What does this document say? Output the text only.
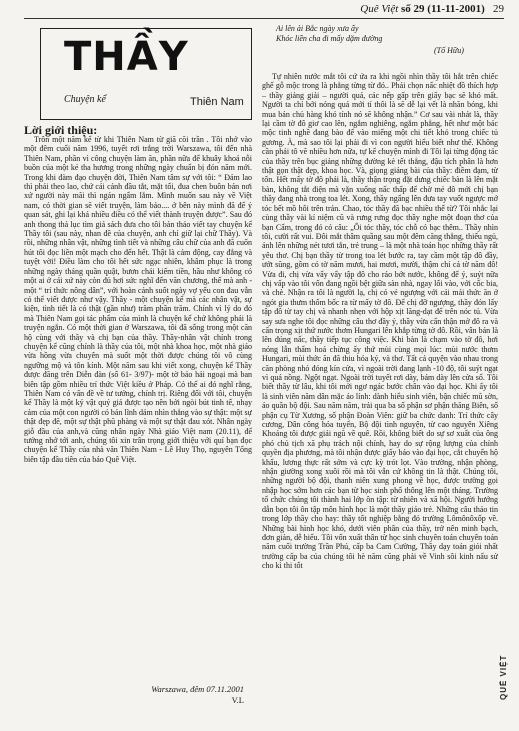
Quê Việt số 29 (11-11-2001) 29
THẦY
Chuyện kể	Thiên Nam
Lời giới thiệu:

Trôn một năm kể từ khi Thiên Nam từ giã cõi trần . Tôi nhớ vào một đêm cuối năm 1996, tuyết rơi trắng trời Warszawa, tôi đến nhà Thiên Nam, phần vì công chuyện làm ăn, phần nữa để khuây khoả nỗi buồn của một kẻ tha hương trong những ngày chuẩn bị đón năm mới. Trong khi đàm đạo chuyện đời, Thiên Nam tâm sự với tôi: “ Đám lao thì phải theo lao, chứ cái cảnh đầu tắt, mặt tối, đua chen buôn bán nơi xứ người này mãi thì ngán ngẩm lắm. Mình muốn sau này về Việt nam, có thời gian sẽ viết truyện, làm báo.... ở bên này mình đã để ý quan sát, ghi lại khá nhiều điều có thể viết thành truyện được”. Sau đó anh thong thả lục tìm giá sách đưa cho tôi bản thảo viết tay chuyện kể Thầy tôi (sau này, nhan đề của chuyện, anh chỉ giữ lại chữ Thầy). Và rồi, những nhân vật, những tình tiết và những câu chữ của anh đã cuốn hút tôi đọc liền một mạch cho đến hết. Thật là cảm động, cay đắng và tuyệt vời! Điều làm cho tôi hết sức ngạc nhiên, khâm phục là trong những ngày tháng quần quật, bươn chải kiếm tiền, hầu như không có một ai ở cái xứ này còn đủ hơi sức nghĩ đến văn chương, thế mà anh - một “ trí thức nông dân”, với hoàn cảnh suốt ngày vợ yếu con đau vẫn có thể viết được như vậy. Thầy - một chuyện kể mà các nhân vật, sự kiện, tình tiết là có thật (gần như) trăm phần trăm. Chính vì lý do đó mà Thiên Nam gọi tác phẩm của mình là chuyện kể chứ không phải là truyện ngắn. Có một thời gian ở Warszawa, tôi đã sống trong một căn hộ cùng với thầy và chị bạn của thầy. Thầy-nhân vật chính trong chuyện kể cũng chính là thầy của tôi, một nhà khoa học, một nhà giáo vừa hồng vừa chuyên mà suốt một thời được chúng tôi vô cùng ngưỡng mộ và tôn kính. Một năm sau khi viết xong, chuyện kể Thầy được đăng trên Diễn đàn (số 61- 3/97)- một tờ báo hải ngoại mà ban biên tập gồm nhiều trí thức Việt kiều ở Pháp. Có thể ai đó nghĩ rằng, Thiên Nam có vấn đề về tư tưởng, chính trị. Riêng đối với tôi, chuyện kể Thầy là một ký vật quý giá được tạo nên bởi ngòi bút tinh tế, nhạy cảm của một con người có bản lĩnh dám nhìn thẳng vào sự thật: một sự thật đẹp đẽ, một sự thật phũ phàng và một sự thật đau xót. Nhân ngày giỗ đầu của anh,và cũng nhân ngày Nhà giáo Việt nam (20.11), để tưởng nhớ tới anh, chúng tôi xin trân trọng giới thiệu với quí bạn đọc chuyện kể Thầy của nhà văn Thiên Nam - Lê Huy Thọ, nguyên Tổng biên tập đầu tiên của báo Quê Việt.

Warszawa, đêm 07.11.2001
V.L
Ai lên ải Bắc ngày xưa ấy
Khóc liền cha đi mấy dặm đường
(Tố Hữu)

Tự nhiên nước mắt tôi cứ ứa ra khi ngồi nhìn thầy tôi hắt trên chiếc ghế gỗ mộc trong là phẳng từng từ đó.. Phải chọn nấc nhiệt đồ thích hợp – thầy giảng giải – người quá, các nếp gấp trên giấy bạc sẽ khó mất. Người ta chỉ bởi nóng quá mới tí thôi là sẽ dễ lại vết là nhăn bóng, khi mua bán chủ hàng khó tính nó sẽ không nhận.” Cơ sau vài nhát là, thầy lại cầm tờ đô giơ cao lên, ngắm nghiêng, ngắm phẳng, hết như một bác mộc tinh nghề đang bào để vào miếng một chi tiết khó trong chiếc tủ gương. À, mà sao tôi lại phải đi vì con người hiểu biết như thế. Không cần phải tô vẽ nhiều hơn nữa, tự kể chuyện mình đi Tôi lại từng động tác của thầy trên bục giảng những đường kẻ tết thẳng, đậu tích phân là hơn thật gọn thật đẹp, khoa học. Và, giọng giảng bài của thầy: điềm đạm, từ tốn. Hết mấy tờ đô phải là, thầy thận trọng đặt dưng chiếc bàn là lên mặt bàn, không tắt điện mà vặn xuống nấc thấp để chờ mẻ đô mới chị bạn thầy đang nhà trong toa lét. Xong, thầy ngẩng lên đưa tay vuốt ngược mớ tóc bết mồ hôi trên trán. Chao, tóc thầy đã bạc nhiều thế từ? Tôi nhắc lại cùng thầy vài kỉ niệm cũ và rưng rưng đọc thầy nghe một đoạn thơ của bạn Cẩm, trong đó có câu: „Ôi tóc thầy, tóc chỗ có bạc thêm.. Thầy nhìn tôi, cười rất vui. Đôi mắt thâm quầng sau một đêm căng thẳng, thiếu ngủ, ánh lên những nét tươi tắn, trẻ trung – là một nhà toán học những thầy rất yêu thơ. Chị bạn thầy từ trong toa lét bước ra, tay cầm một tập đô đầy, ướt sũng, gồm có tờ năm mươi, hai mươi, mười, thậm chí cả tờ năm đô! Vừa đi, chị vừa vẩy vẩy tập đô cho ráo bớt nước, không để ý, suýt nữa chị vấp vào tôi vốn đang ngồi bệt giữa sàn nhà, ngay lối vào, với cốc bia, và chè. Nhận ra tôi là người lạ, chị có vẻ ngượng với cái mải thức ăn ở ngót gia thưm thốm bốc ra từ mấy tờ đô. Để chị đỡ ngượng, thầy đón lấy tập đô từ tay chị và nhanh nhẹn với hộp xịt lăng-dạt để trên nóc tủ. Vừa say sưa nghe tôi đọc những câu thơ đầy ý, thầy vừa cẩn thận mở đô ra và cẩn trọng xịt thứ nước thơm Hungari lên khắp từng tờ đô. Rồi, vân bản là lên đúng nấc, thầy tiếp tục công việc. Khi bàn là chạm vào tờ đô, hơi nóng lẫn thẩm hoá chừng ấy thứ mùi cùng mọi lúc: mùi nước thơm Hungari, mùi thức ăn đã thiu hóa ký, và thơ. Tất cả quyện vào nhau trong căn phòng nhỏ đóng kín cửa, vì ngoài trời đang lạnh -10 độ, tôi suýt ngạt vì quá nồng. Ngột ngạt. Ngoài trời tuyết rơi dày, bám dày lên cửa sổ. Tôi biết thầy từ lâu, khi tôi mới ngơ ngác bước chân vào đại học. Khi ấy tôi là sinh viên năm dân mặc áo lính: dành hiểu sinh viên, bận chiếc mũ sờn, áo quần bộ đội. Sau năm năm, trải qua ba số phận sơ phận thăng Biên, số phận cụ Từ Xương, số phận Đoàn Viên: giữ ba chức danh: Trí thức cây cương, Dân công hóa tuyển, Bộ đội tình nguyện, từ cao nguyên Xiêng Khoảng tôi được giải ngũ về quê. Rồi, không biết do sự sơ xuất của ông phó chủ tịch xã phụ trách nội chính, hay do sự rộng lượng của chính quyền địa phương, mà tôi nhận được giấy báo vào đại học, cắt chuyển hộ khẩu, lương thực rất sớm và cực kỳ trót lọt. Vào trường, nhận phòng, nhận giường xong xuôi rồi mà tôi vẫn cứ không tin là thật. Chúng tôi, những người bộ đội, thanh niên xung phong về học, được trường gọi nhập học sớm hơn các bạn từ học sinh phổ thông lên một tháng. Trường tổ chức chúng tôi thành hai lớp ôn tập: từ nhiên và xã hội. Người hướng dẫn bọn tôi ôn tập môn hình học là một thầy giáo trẻ. Những câu thảo tin trong lớp thầy cho hay: thầy tốt nghiệp bằng đỏ trường Lômônôxốp về. Những bài hình học khó, dưới viên phân của thầy, trở nên minh bạch, đơn giản, dễ hiểu. Tôi vốn xuất thân từ học sinh chuyên toán chuyên toán năm cuối trường Trần Phú, cấp ba Cam Cường, Thầy dạy toán giỏi nhất trường cấp ba của chúng tôi hè năm cũng phải về Vinh sôi kinh nấu sử cho kì thi tốt

QUÊ VIỆT
